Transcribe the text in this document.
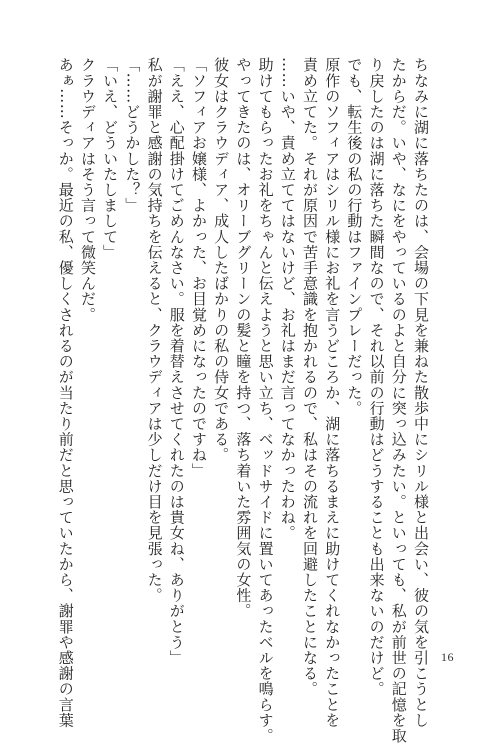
ちなみに湖に落ちたのは、会場の下見を兼ねた散歩中にシリル様と出会い、彼の気を引こうとし
たからだ。いや、なにをやっているのよと自分に突っ込みたい。といっても、私が前世の記憶を取
り戻したのは湖に落ちた瞬間なので、それ以前の行動はどうすることも出来ないのだけど。
でも、転生後の私の行動はファインプレーだった。
原作のソフィアはシリル様にお礼を言うどころか、湖に落ちるまえに助けてくれなかったことを
責め立てた。それが原因で苦手意識を抱かれるので、私はその流れを回避したことになる。
……いや、責め立ててはないけど、お礼はまだ言ってなかったわね。
助けてもらったお礼をちゃんと伝えようと思い立ち、ベッドサイドに置いてあったベルを鳴らす。
やってきたのは、オリーブグリーンの髪と瞳を持つ、落ち着いた雰囲気の女性。
彼女はクラウディア、成人したばかりの私の侍女である。
「ソフィアお嬢様、よかった、お目覚めになったのですね」
「ええ、心配掛けてごめんなさい。服を着替えさせてくれたのは貴女ね、ありがとう」
私が謝罪と感謝の気持ちを伝えると、クラウディアは少しだけ目を見張った。
「……どうかした？」
「いえ、どういたしまして」
クラウディアはそう言って微笑んだ。
あぁ……そっか。最近の私、優しくされるのが当たり前だと思っていたから、謝罪や感謝の言葉	16
